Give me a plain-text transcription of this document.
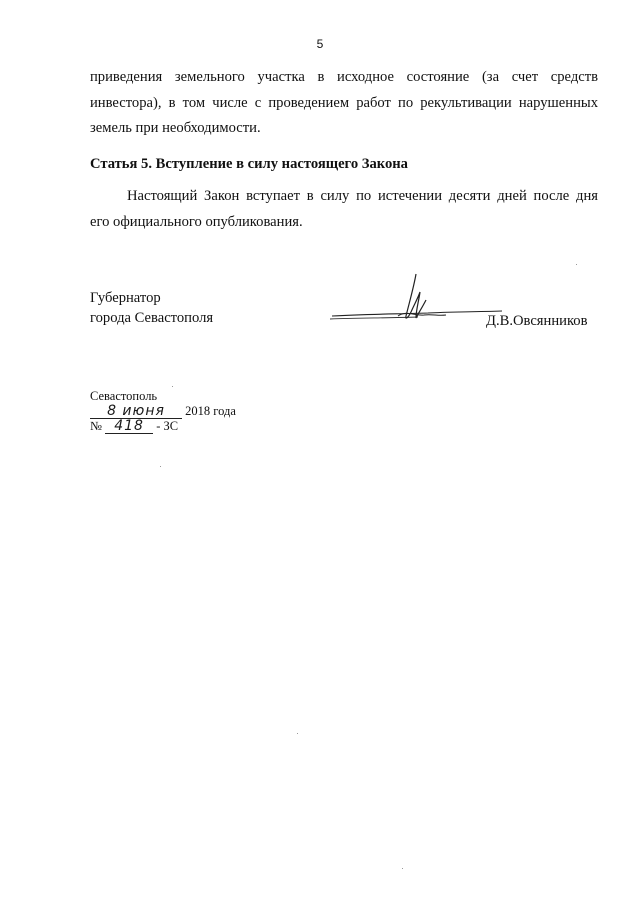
5
приведения земельного участка в исходное состояние (за счет средств
инвестора), в том числе с проведением работ по рекультивации нарушенных
земель при необходимости.
Статья 5. Вступление в силу настоящего Закона
Настоящий Закон вступает в силу по истечении десяти дней после дня
его официального опубликования.
Губернатор
города Севастополя	Д.В.Овсянников
Севастополь
8 июня 2018 года
№ 418 - ЗС
